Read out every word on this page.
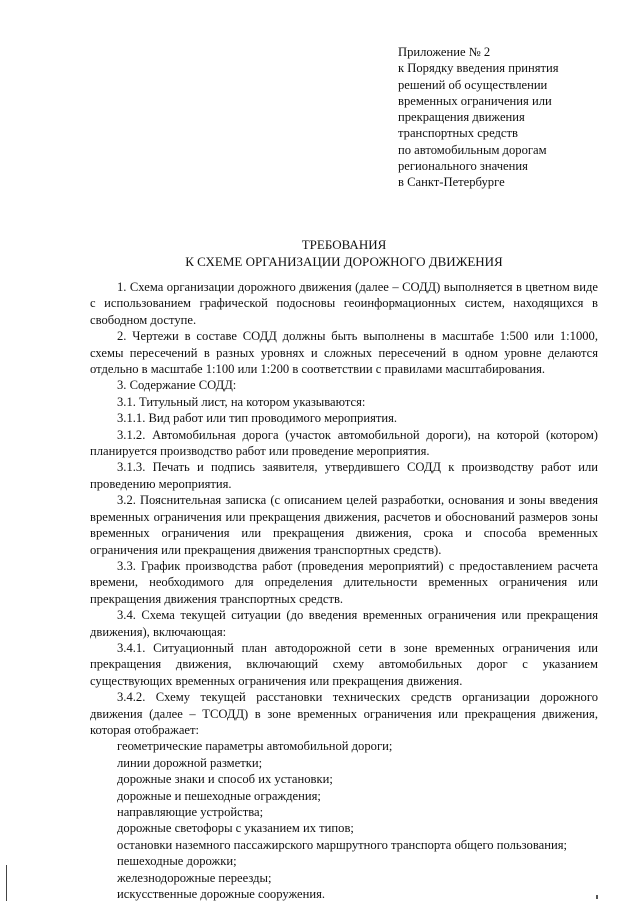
Приложение № 2
к Порядку введения принятия
решений об осуществлении
временных ограничения или
прекращения движения
транспортных средств
по автомобильным дорогам
регионального значения
в Санкт-Петербурге
ТРЕБОВАНИЯ
К СХЕМЕ ОРГАНИЗАЦИИ ДОРОЖНОГО ДВИЖЕНИЯ

1. Схема организации дорожного движения (далее – СОДД) выполняется в цветном виде с использованием графической подосновы геоинформационных систем, находящихся в свободном доступе.

2. Чертежи в составе СОДД должны быть выполнены в масштабе 1:500 или 1:1000, схемы пересечений в разных уровнях и сложных пересечений в одном уровне делаются отдельно в масштабе 1:100 или 1:200 в соответствии с правилами масштабирования.

3. Содержание СОДД:

3.1. Титульный лист, на котором указываются:

3.1.1. Вид работ или тип проводимого мероприятия.

3.1.2. Автомобильная дорога (участок автомобильной дороги), на которой (котором) планируется производство работ или проведение мероприятия.

3.1.3. Печать и подпись заявителя, утвердившего СОДД к производству работ или проведению мероприятия.

3.2. Пояснительная записка (с описанием целей разработки, основания и зоны введения временных ограничения или прекращения движения, расчетов и обоснований размеров зоны временных ограничения или прекращения движения, срока и способа временных ограничения или прекращения движения транспортных средств).

3.3. График производства работ (проведения мероприятий) с предоставлением расчета времени, необходимого для определения длительности временных ограничения или прекращения движения транспортных средств.

3.4. Схема текущей ситуации (до введения временных ограничения или прекращения движения), включающая:

3.4.1. Ситуационный план автодорожной сети в зоне временных ограничения или прекращения движения, включающий схему автомобильных дорог с указанием существующих временных ограничения или прекращения движения.

3.4.2. Схему текущей расстановки технических средств организации дорожного движения (далее – ТСОДД) в зоне временных ограничения или прекращения движения, которая отображает:

геометрические параметры автомобильной дороги;
линии дорожной разметки;
дорожные знаки и способ их установки;
дорожные и пешеходные ограждения;
направляющие устройства;
дорожные светофоры с указанием их типов;
остановки наземного пассажирского маршрутного транспорта общего пользования;
пешеходные дорожки;
железнодорожные переезды;
искусственные дорожные сооружения.
